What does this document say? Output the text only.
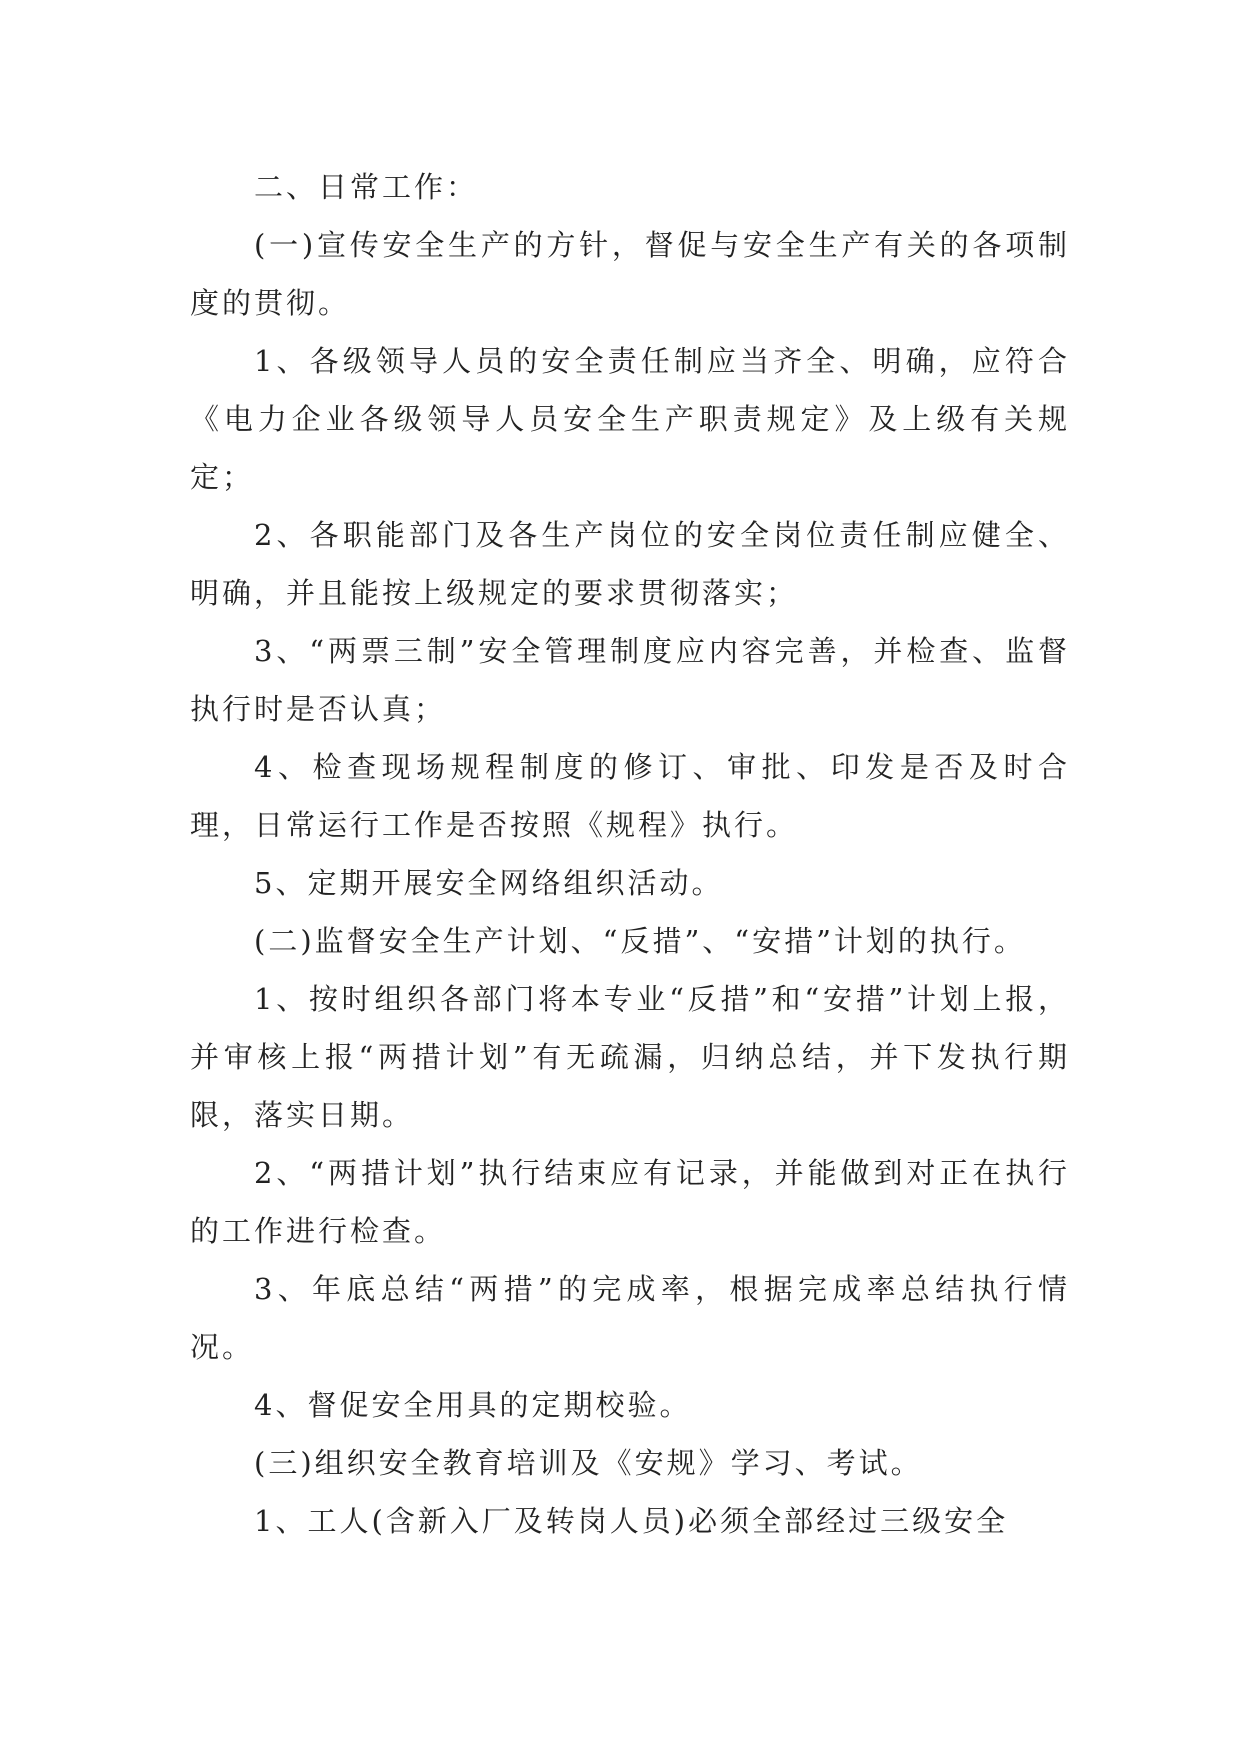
二、日常工作：

(一)宣传安全生产的方针，督促与安全生产有关的各项制度的贯彻。

1、各级领导人员的安全责任制应当齐全、明确，应符合《电力企业各级领导人员安全生产职责规定》及上级有关规定；

2、各职能部门及各生产岗位的安全岗位责任制应健全、明确，并且能按上级规定的要求贯彻落实；

3、“两票三制”安全管理制度应内容完善，并检查、监督执行时是否认真；

4、检查现场规程制度的修订、审批、印发是否及时合理，日常运行工作是否按照《规程》执行。

5、定期开展安全网络组织活动。

(二)监督安全生产计划、“反措”、“安措”计划的执行。

1、按时组织各部门将本专业“反措”和“安措”计划上报，并审核上报“两措计划”有无疏漏，归纳总结，并下发执行期限，落实日期。

2、“两措计划”执行结束应有记录，并能做到对正在执行的工作进行检查。

3、年底总结“两措”的完成率，根据完成率总结执行情况。

4、督促安全用具的定期校验。

(三)组织安全教育培训及《安规》学习、考试。

1、工人(含新入厂及转岗人员)必须全部经过三级安全
